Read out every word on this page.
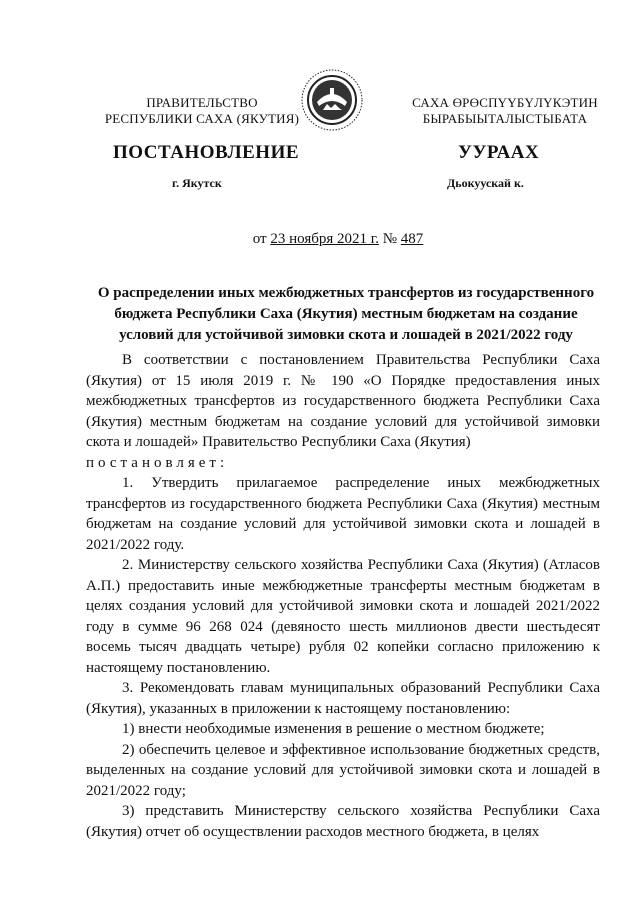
ПРАВИТЕЛЬСТВО
РЕСПУБЛИКИ САХА (ЯКУТИЯ)
САХА ӨРӨСПҮҮБҮЛҮКЭТИН
БЫРАБЫЫТАЛЫСТЫБАТА
ПОСТАНОВЛЕНИЕ	УУРААХ
г. Якутск	Дьокуускай к.
от 23 ноября 2021 г. № 487
О распределении иных межбюджетных трансфертов из государственного бюджета Республики Саха (Якутия) местным бюджетам на создание условий для устойчивой зимовки скота и лошадей в 2021/2022 году

В соответствии с постановлением Правительства Республики Саха (Якутия) от 15 июля 2019 г. № 190 «О Порядке предоставления иных межбюджетных трансфертов из государственного бюджета Республики Саха (Якутия) местным бюджетам на создание условий для устойчивой зимовки скота и лошадей» Правительство Республики Саха (Якутия)

постановляет:

1. Утвердить прилагаемое распределение иных межбюджетных трансфертов из государственного бюджета Республики Саха (Якутия) местным бюджетам на создание условий для устойчивой зимовки скота и лошадей в 2021/2022 году.

2. Министерству сельского хозяйства Республики Саха (Якутия) (Атласов А.П.) предоставить иные межбюджетные трансферты местным бюджетам в целях создания условий для устойчивой зимовки скота и лошадей 2021/2022 году в сумме 96 268 024 (девяносто шесть миллионов двести шестьдесят восемь тысяч двадцать четыре) рубля 02 копейки согласно приложению к настоящему постановлению.

3. Рекомендовать главам муниципальных образований Республики Саха (Якутия), указанных в приложении к настоящему постановлению:

1) внести необходимые изменения в решение о местном бюджете;

2) обеспечить целевое и эффективное использование бюджетных средств, выделенных на создание условий для устойчивой зимовки скота и лошадей в 2021/2022 году;

3) представить Министерству сельского хозяйства Республики Саха (Якутия) отчет об осуществлении расходов местного бюджета, в целях
